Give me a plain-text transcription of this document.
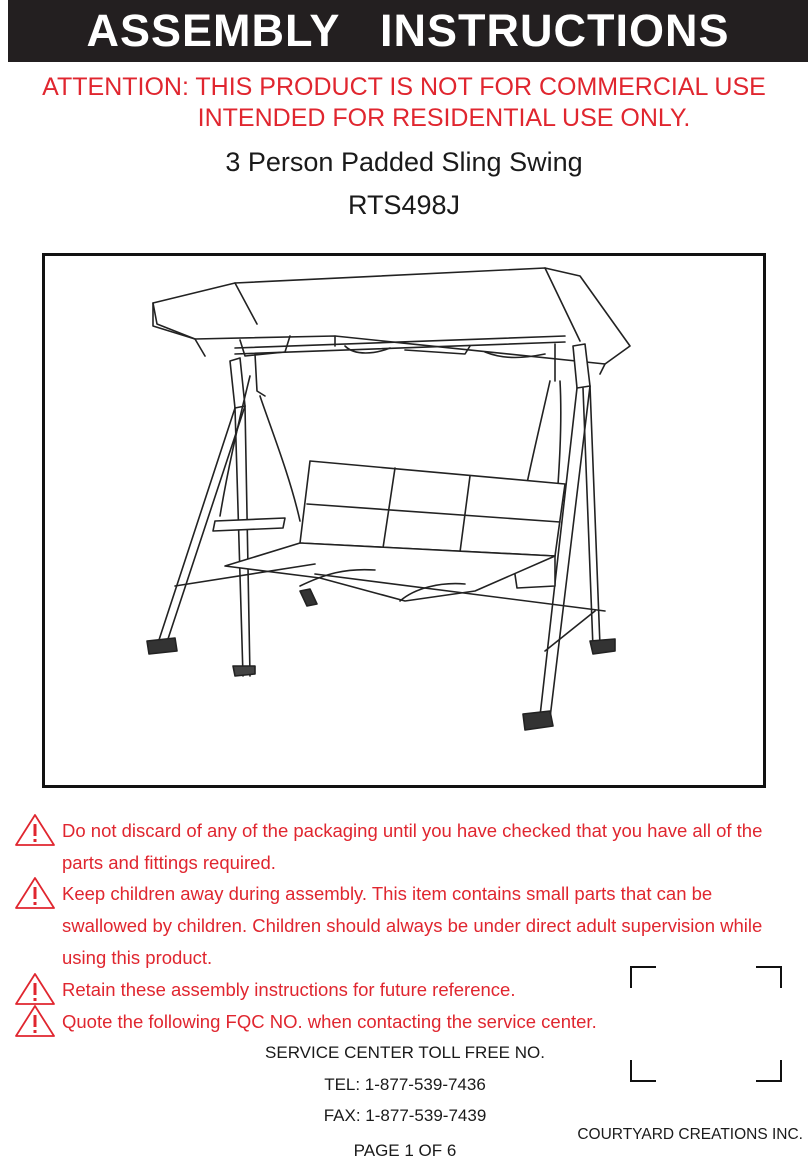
ASSEMBLY   INSTRUCTIONS
ATTENTION: THIS PRODUCT IS NOT FOR COMMERCIAL USE
INTENDED FOR RESIDENTIAL USE ONLY.
3 Person Padded Sling Swing
RTS498J
Do not discard of any of the packaging until you have checked that you have all of the parts and fittings required.
Keep children away during assembly. This item contains small parts that can be swallowed by children. Children should always be under direct adult supervision while using this product.
Retain these assembly instructions for future reference.
Quote the following FQC NO. when contacting the service center.
SERVICE CENTER TOLL FREE NO.
TEL: 1-877-539-7436
FAX: 1-877-539-7439
PAGE 1 OF 6
COURTYARD CREATIONS INC.
